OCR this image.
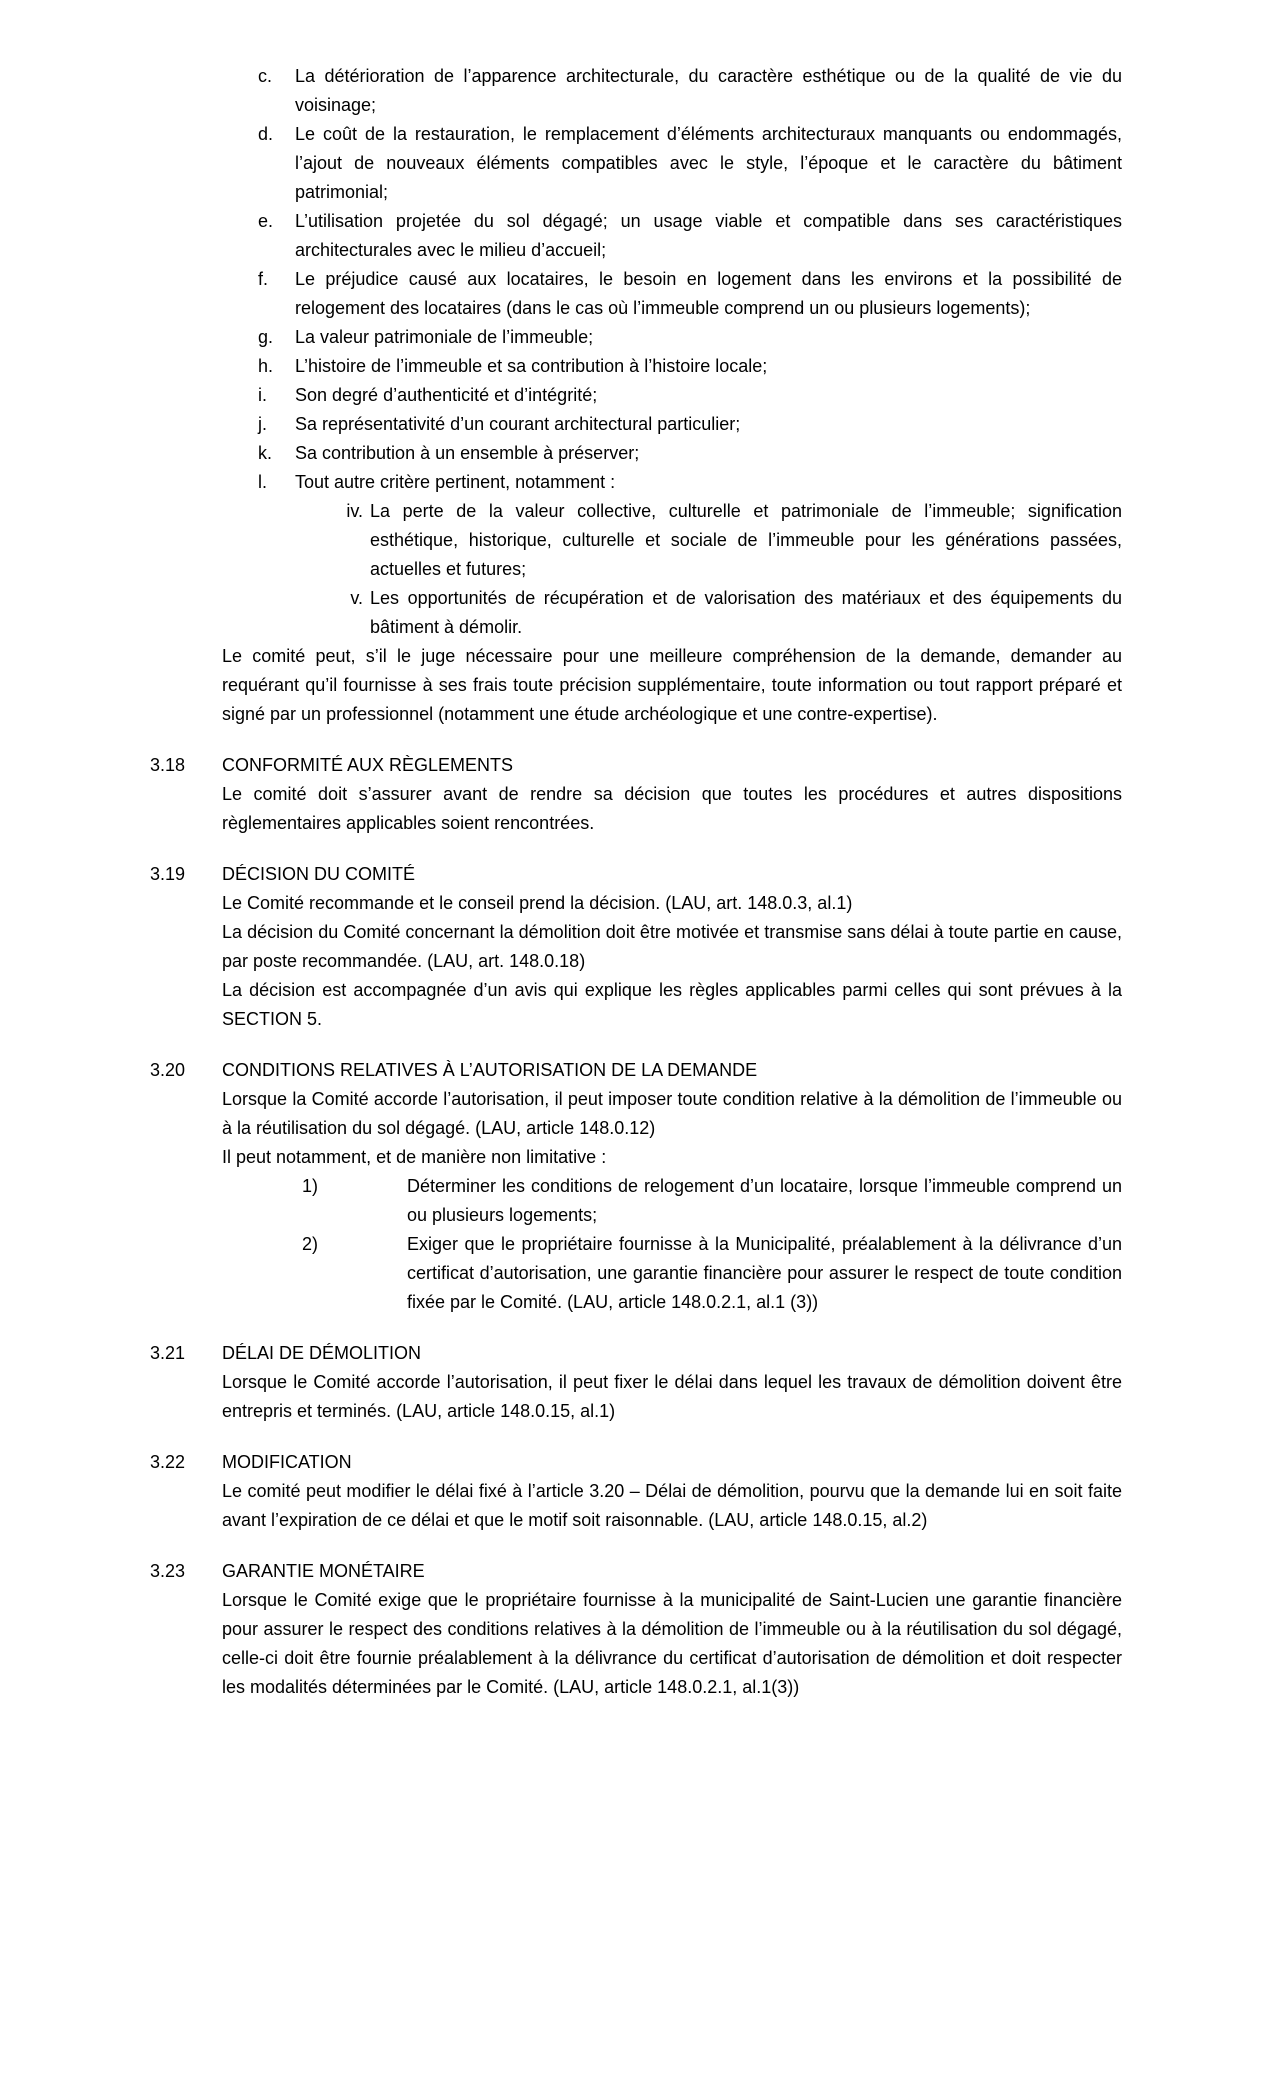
c.	La détérioration de l’apparence architecturale, du caractère esthétique ou de la qualité de vie du voisinage;
d.	Le coût de la restauration, le remplacement d’éléments architecturaux manquants ou endommagés, l’ajout de nouveaux éléments compatibles avec le style, l’époque et le caractère du bâtiment patrimonial;
e.	L’utilisation projetée du sol dégagé; un usage viable et compatible dans ses caractéristiques architecturales avec le milieu d’accueil;
f.	Le préjudice causé aux locataires, le besoin en logement dans les environs et la possibilité de relogement des locataires (dans le cas où l’immeuble comprend un ou plusieurs logements);
g.	La valeur patrimoniale de l’immeuble;
h.	L’histoire de l’immeuble et sa contribution à l’histoire locale;
i.	Son degré d’authenticité et d’intégrité;
j.	Sa représentativité d’un courant architectural particulier;
k.	Sa contribution à un ensemble à préserver;
l.	Tout autre critère pertinent, notamment :
iv. La perte de la valeur collective, culturelle et patrimoniale de l’immeuble; signification esthétique, historique, culturelle et sociale de l’immeuble pour les générations passées, actuelles et futures;
v. Les opportunités de récupération et de valorisation des matériaux et des équipements du bâtiment à démolir.

Le comité peut, s’il le juge nécessaire pour une meilleure compréhension de la demande, demander au requérant qu’il fournisse à ses frais toute précision supplémentaire, toute information ou tout rapport préparé et signé par un professionnel (notamment une étude archéologique et une contre-expertise).

3.18 CONFORMITÉ AUX RÈGLEMENTS

Le comité doit s’assurer avant de rendre sa décision que toutes les procédures et autres dispositions règlementaires applicables soient rencontrées.

3.19 DÉCISION DU COMITÉ

Le Comité recommande et le conseil prend la décision. (LAU, art. 148.0.3, al.1)

La décision du Comité concernant la démolition doit être motivée et transmise sans délai à toute partie en cause, par poste recommandée. (LAU, art. 148.0.18)

La décision est accompagnée d’un avis qui explique les règles applicables parmi celles qui sont prévues à la SECTION 5.

3.20 CONDITIONS RELATIVES À L’AUTORISATION DE LA DEMANDE

Lorsque la Comité accorde l’autorisation, il peut imposer toute condition relative à la démolition de l’immeuble ou à la réutilisation du sol dégagé. (LAU, article 148.0.12)

Il peut notamment, et de manière non limitative :

1)	Déterminer les conditions de relogement d’un locataire, lorsque l’immeuble comprend un ou plusieurs logements;
2)	Exiger que le propriétaire fournisse à la Municipalité, préalablement à la délivrance d’un certificat d’autorisation, une garantie financière pour assurer le respect de toute condition fixée par le Comité. (LAU, article 148.0.2.1, al.1 (3))
3.21 DÉLAI DE DÉMOLITION

Lorsque le Comité accorde l’autorisation, il peut fixer le délai dans lequel les travaux de démolition doivent être entrepris et terminés. (LAU, article 148.0.15, al.1)

3.22 MODIFICATION

Le comité peut modifier le délai fixé à l’article 3.20 – Délai de démolition, pourvu que la demande lui en soit faite avant l’expiration de ce délai et que le motif soit raisonnable. (LAU, article 148.0.15, al.2)

3.23 GARANTIE MONÉTAIRE

Lorsque le Comité exige que le propriétaire fournisse à la municipalité de Saint-Lucien une garantie financière pour assurer le respect des conditions relatives à la démolition de l’immeuble ou à la réutilisation du sol dégagé, celle-ci doit être fournie préalablement à la délivrance du certificat d’autorisation de démolition et doit respecter les modalités déterminées par le Comité. (LAU, article 148.0.2.1, al.1(3))
